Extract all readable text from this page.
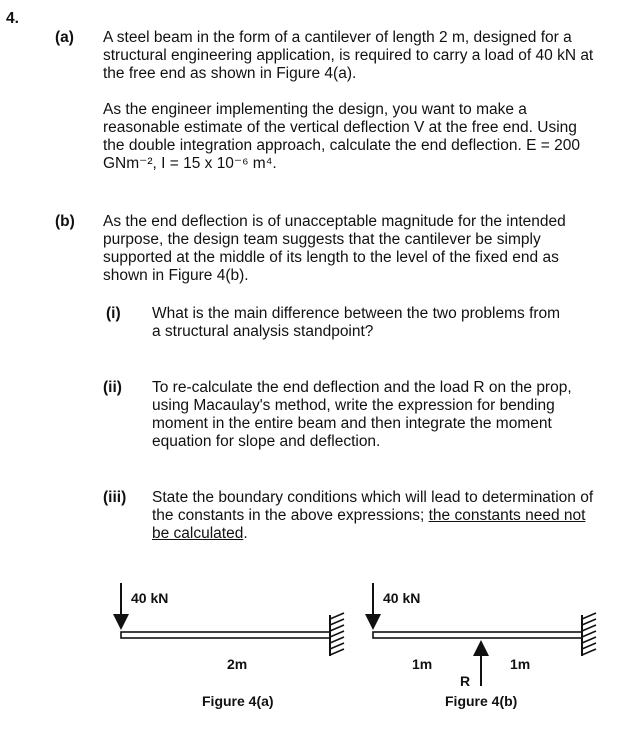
4.
(a) A steel beam in the form of a cantilever of length 2 m, designed for a
structural engineering application, is required to carry a load of 40 kN at
the free end as shown in Figure 4(a).
As the engineer implementing the design, you want to make a
reasonable estimate of the vertical deflection V at the free end. Using
the double integration approach, calculate the end deflection. E = 200
GNm⁻², I = 15 x 10⁻⁶ m⁴.
(b) As the end deflection is of unacceptable magnitude for the intended
purpose, the design team suggests that the cantilever be simply
supported at the middle of its length to the level of the fixed end as
shown in Figure 4(b).
(i) What is the main difference between the two problems from
a structural analysis standpoint?
(ii) To re-calculate the end deflection and the load R on the prop,
using Macaulay's method, write the expression for bending
moment in the entire beam and then integrate the moment
equation for slope and deflection.
(iii) State the boundary conditions which will lead to determination of
the constants in the above expressions; the constants need not
be calculated.
40 kN
2m
Figure 4(a)
40 kN
1m	1m
R
Figure 4(b)
